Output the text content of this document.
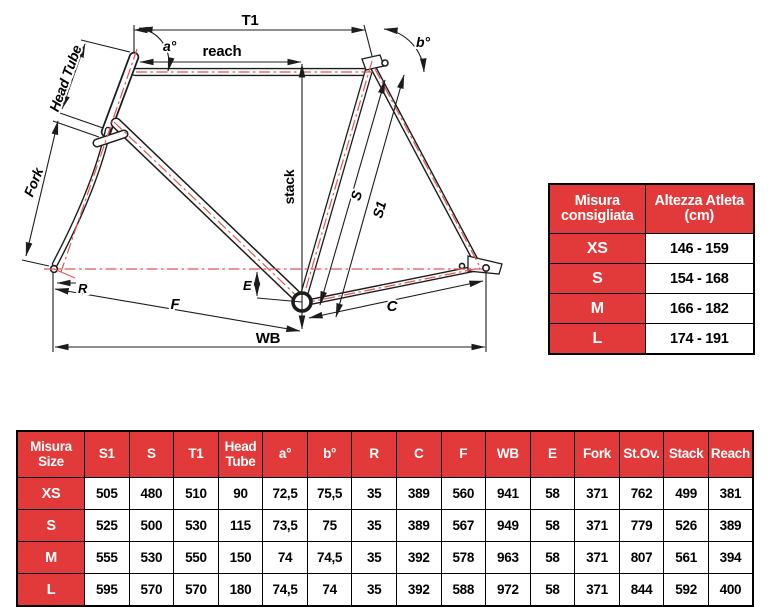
T1
a° reach
b°
Head Tube
Fork	stack	S
S1
R	E
F	C
WB
Misura consigliata	Altezza Atleta (cm)
XS	146 - 159
S	154 - 168
M	166 - 182
L	174 - 191
Misura Size	S1	S	T1	Head Tube	a°	b°	R	C	F	WB	E	Fork	St.Ov.	Stack	Reach
XS	505	480	510	90	72,5	75,5	35	389	560	941	58	371	762	499	381
S	525	500	530	115	73,5	75	35	389	567	949	58	371	779	526	389
M	555	530	550	150	74	74,5	35	392	578	963	58	371	807	561	394
L	595	570	570	180	74,5	74	35	392	588	972	58	371	844	592	400
